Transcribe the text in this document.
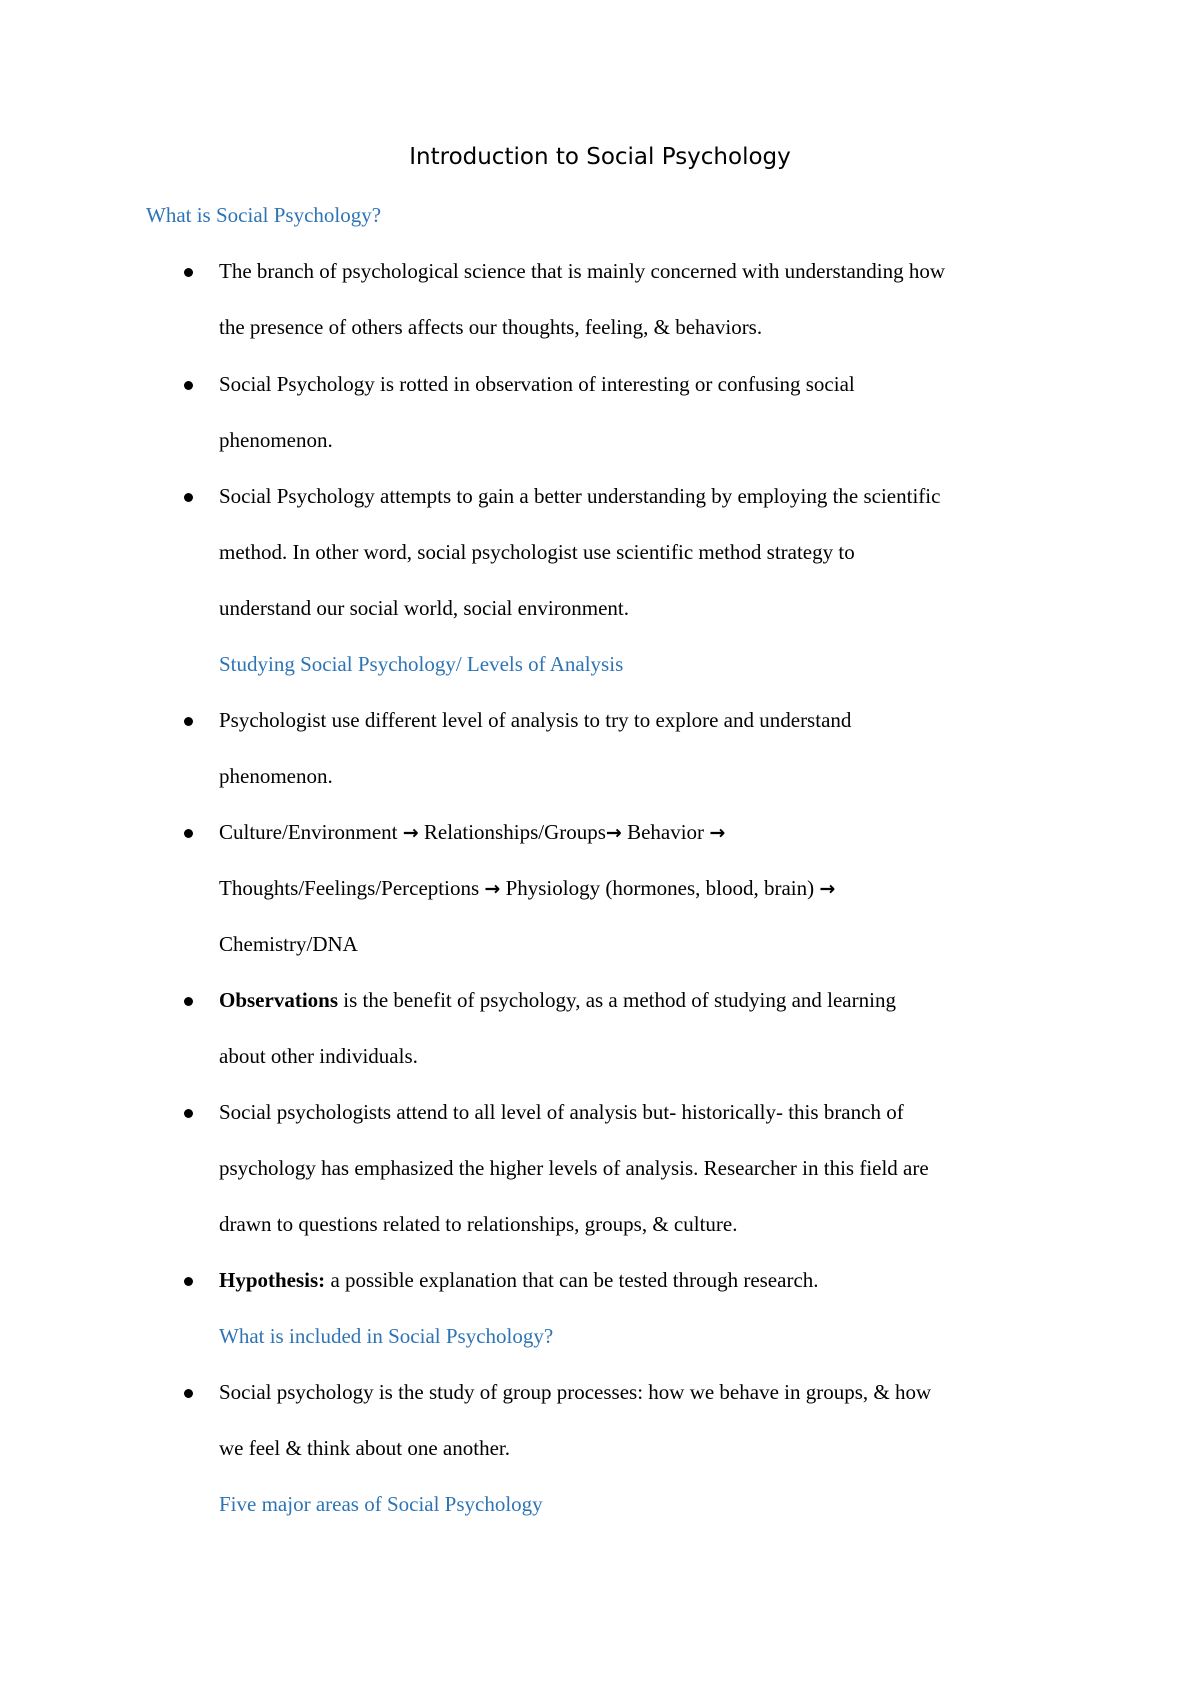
Introduction to Social Psychology
What is Social Psychology?
The branch of psychological science that is mainly concerned with understanding how
the presence of others affects our thoughts, feeling, & behaviors.
Social Psychology is rotted in observation of interesting or confusing social
phenomenon.
Social Psychology attempts to gain a better understanding by employing the scientific
method. In other word, social psychologist use scientific method strategy to
understand our social world, social environment.
Studying Social Psychology/ Levels of Analysis
Psychologist use different level of analysis to try to explore and understand
phenomenon.
Culture/Environment → Relationships/Groups→ Behavior →
Thoughts/Feelings/Perceptions → Physiology (hormones, blood, brain) →
Chemistry/DNA
Observations is the benefit of psychology, as a method of studying and learning
about other individuals.
Social psychologists attend to all level of analysis but- historically- this branch of
psychology has emphasized the higher levels of analysis. Researcher in this field are
drawn to questions related to relationships, groups, & culture.
Hypothesis: a possible explanation that can be tested through research.
What is included in Social Psychology?
Social psychology is the study of group processes: how we behave in groups, & how
we feel & think about one another.
Five major areas of Social Psychology
